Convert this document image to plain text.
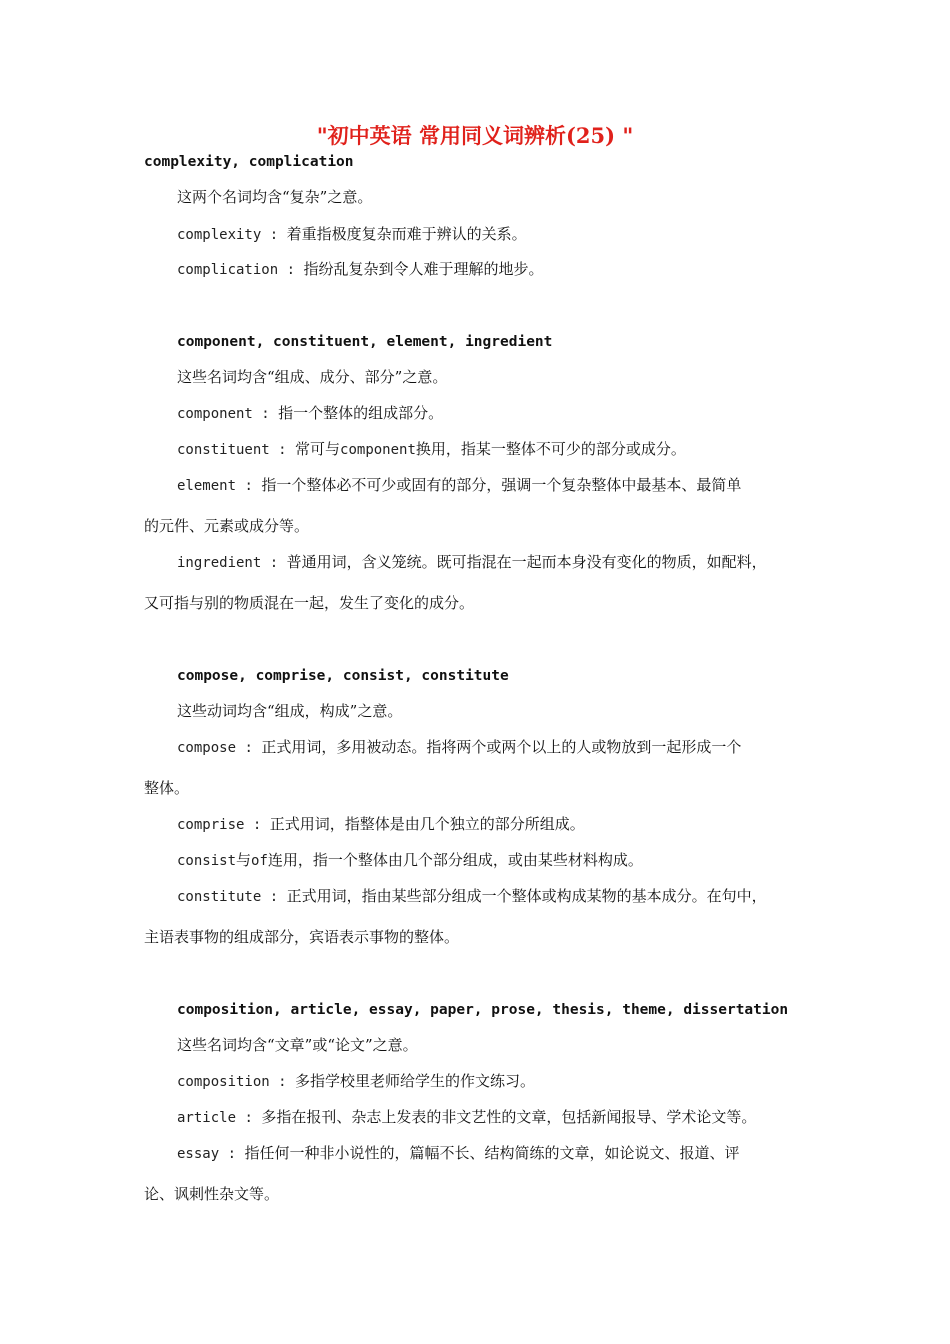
"初中英语 常用同义词辨析(25) "
complexity, complication
这两个名词均含“复杂”之意。
complexity : 着重指极度复杂而难于辨认的关系。
complication : 指纷乱复杂到令人难于理解的地步。
component, constituent, element, ingredient
这些名词均含“组成、成分、部分”之意。
component : 指一个整体的组成部分。
constituent : 常可与component换用，指某一整体不可少的部分或成分。
element : 指一个整体必不可少或固有的部分，强调一个复杂整体中最基本、最简单
的元件、元素或成分等。
ingredient : 普通用词，含义笼统。既可指混在一起而本身没有变化的物质，如配料，
又可指与别的物质混在一起，发生了变化的成分。
compose, comprise, consist, constitute
这些动词均含“组成，构成”之意。
compose : 正式用词，多用被动态。指将两个或两个以上的人或物放到一起形成一个
整体。
comprise : 正式用词，指整体是由几个独立的部分所组成。
consist与of连用，指一个整体由几个部分组成，或由某些材料构成。
constitute : 正式用词，指由某些部分组成一个整体或构成某物的基本成分。在句中，
主语表事物的组成部分，宾语表示事物的整体。
composition, article, essay, paper, prose, thesis, theme, dissertation
这些名词均含“文章”或“论文”之意。
composition : 多指学校里老师给学生的作文练习。
article : 多指在报刊、杂志上发表的非文艺性的文章，包括新闻报导、学术论文等。
essay : 指任何一种非小说性的，篇幅不长、结构简练的文章，如论说文、报道、评
论、讽刺性杂文等。
